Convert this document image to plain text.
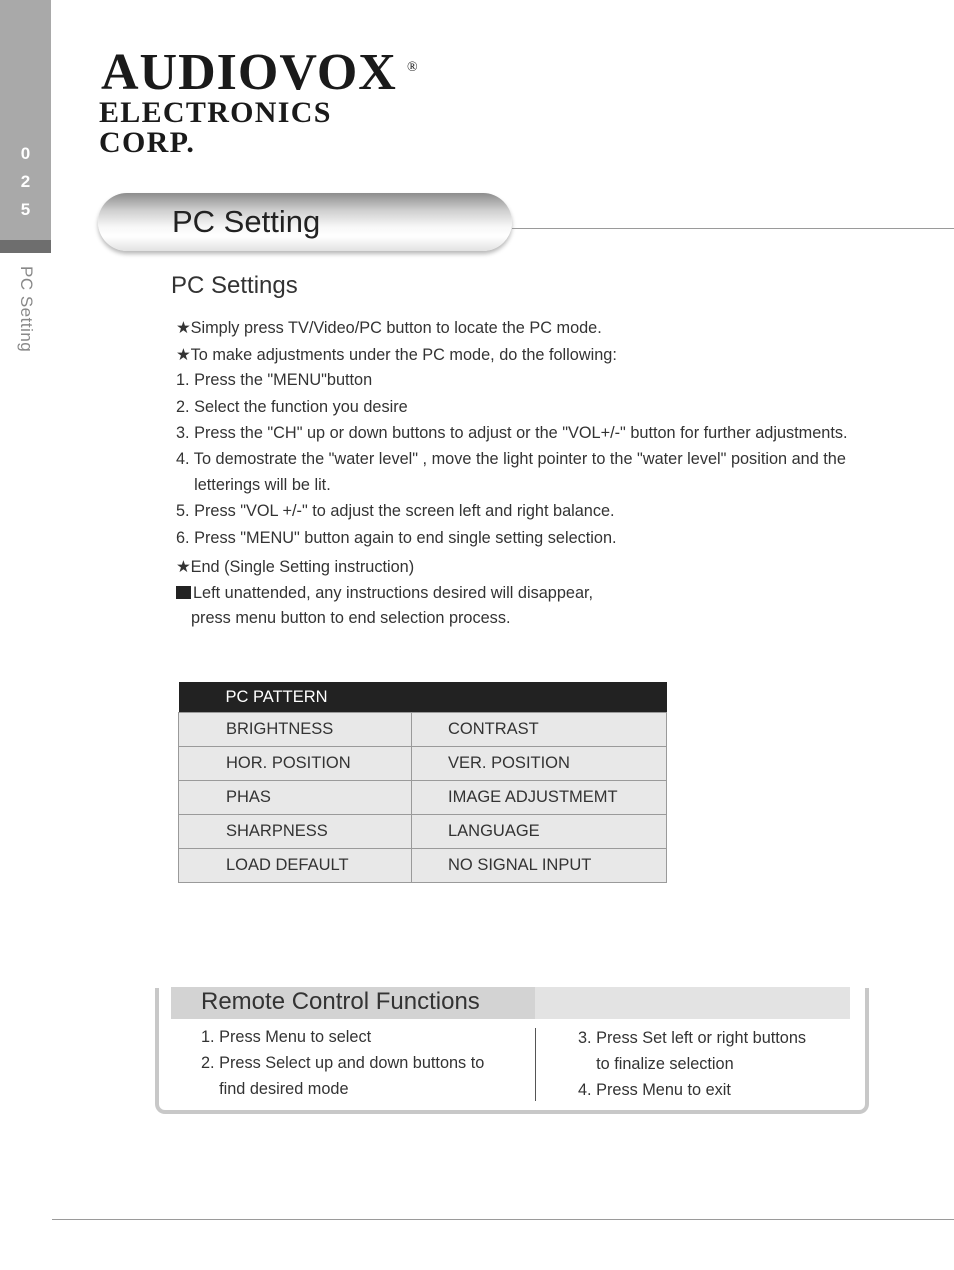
0
2
5
PC Setting
AUDIOVOX ®
ELECTRONICS CORP.
PC Setting
PC Settings

★Simply press TV/Video/PC button to locate the PC mode.

★To make adjustments under the PC mode, do the following:

1. Press the "MENU"button

2. Select the function you desire

3. Press the "CH" up or down buttons to adjust or the "VOL+/-" button for further adjustments.

4. To demostrate the "water level" , move the light pointer to the "water level" position and the

letterings will be lit.

5. Press "VOL +/-" to adjust the screen left and right balance.

6. Press "MENU" button again to end single setting selection.

★End (Single Setting instruction)

Left unattended, any instructions desired will disappear,

press menu button to end selection process.

PC PATTERN	
BRIGHTNESS	CONTRAST
HOR. POSITION	VER. POSITION
PHAS	IMAGE ADJUSTMEMT
SHARPNESS	LANGUAGE
LOAD DEFAULT	NO SIGNAL INPUT
Remote Control Functions

1. Press Menu to select

2. Press Select up and down buttons to

find desired mode

3. Press Set left or right buttons

to finalize selection

4. Press Menu to exit
